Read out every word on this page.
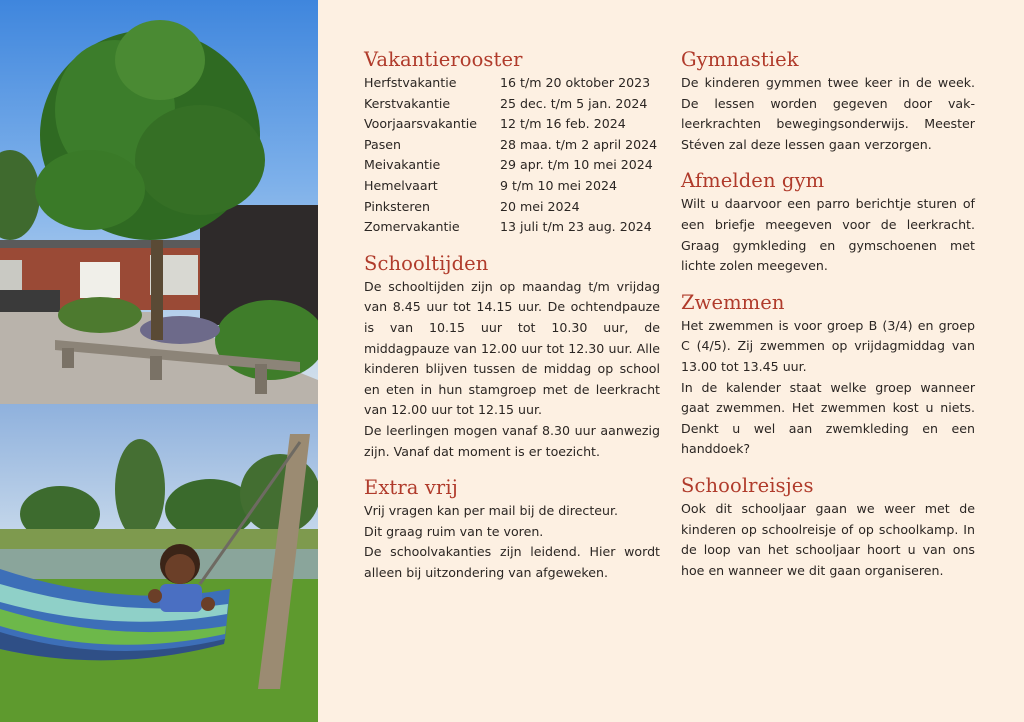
Vakantierooster
Herfstvakantie	16 t/m 20 oktober 2023
Kerstvakantie	25 dec. t/m 5 jan. 2024
Voorjaarsvakantie	12 t/m 16 feb. 2024
Pasen	28 maa. t/m 2 april 2024
Meivakantie	29 apr. t/m 10 mei 2024
Hemelvaart	9 t/m 10 mei 2024
Pinksteren	20 mei 2024
Zomervakantie	13 juli t/m 23 aug. 2024
Schooltijden

De schooltijden zijn op maandag t/m vrijdag van 8.45 uur tot 14.15 uur. De ochtendpauze is van 10.15 uur tot 10.30 uur, de middagpauze van 12.00 uur tot 12.30 uur. Alle kinderen blijven tussen de middag op school en eten in hun stamgroep met de leerkracht van 12.00 uur tot 12.15 uur.

De leerlingen mogen vanaf 8.30 uur aanwezig zijn. Vanaf dat moment is er toezicht.

Extra vrij

Vrij vragen kan per mail bij de directeur.

Dit graag ruim van te voren.

De schoolvakanties zijn leidend. Hier wordt alleen bij uitzondering van afgeweken.

Gymnastiek

De kinderen gymmen twee keer in de week. De lessen worden gegeven door vak-leerkrachten bewegingsonderwijs. Meester Stéven zal deze lessen gaan verzorgen.

Afmelden gym

Wilt u daarvoor een parro berichtje sturen of een briefje meegeven voor de leerkracht. Graag gymkleding en gymschoenen met lichte zolen meegeven.

Zwemmen

Het zwemmen is voor groep B (3/4) en groep C (4/5). Zij zwemmen op vrijdagmiddag van 13.00 tot 13.45 uur.

In de kalender staat welke groep wanneer gaat zwemmen. Het zwemmen kost u niets. Denkt u wel aan zwemkleding en een handdoek?

Schoolreisjes

Ook dit schooljaar gaan we weer met de kinderen op schoolreisje of op schoolkamp. In de loop van het schooljaar hoort u van ons hoe en wanneer we dit gaan organiseren.
